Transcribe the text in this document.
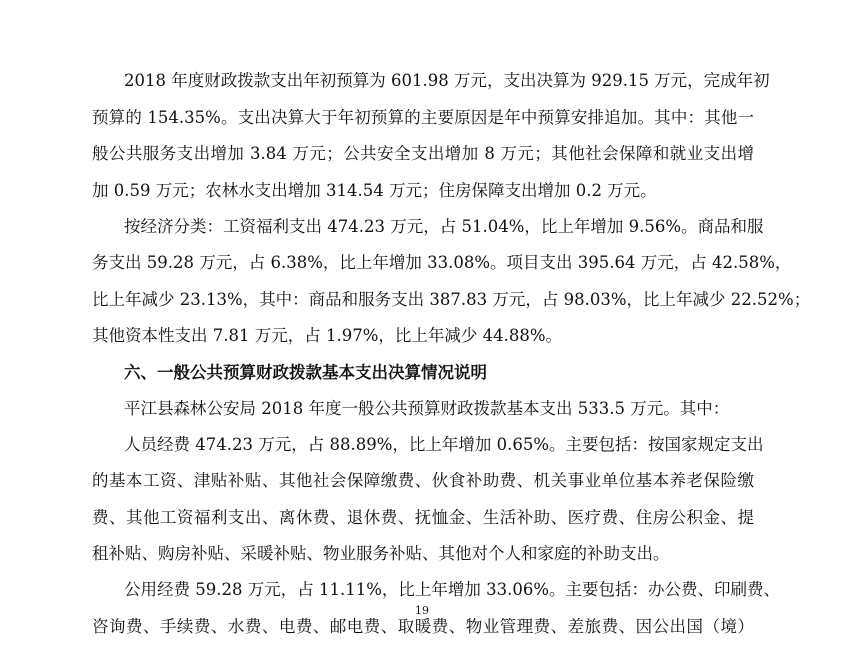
2018 年度财政拨款支出年初预算为 601.98 万元，支出决算为 929.15 万元，完成年初
预算的 154.35%。支出决算大于年初预算的主要原因是年中预算安排追加。其中：其他一
般公共服务支出增加 3.84 万元；公共安全支出增加 8 万元；其他社会保障和就业支出增
加 0.59 万元；农林水支出增加 314.54 万元；住房保障支出增加 0.2 万元。
按经济分类：工资福利支出 474.23 万元，占 51.04%，比上年增加 9.56%。商品和服
务支出 59.28 万元，占 6.38%，比上年增加 33.08%。项目支出 395.64 万元，占 42.58%，
比上年减少 23.13%，其中：商品和服务支出 387.83 万元，占 98.03%，比上年减少 22.52%；
其他资本性支出 7.81 万元，占 1.97%，比上年减少 44.88%。
六、一般公共预算财政拨款基本支出决算情况说明
平江县森林公安局 2018 年度一般公共预算财政拨款基本支出 533.5 万元。其中：
人员经费 474.23 万元，占 88.89%，比上年增加 0.65%。主要包括：按国家规定支出
的基本工资、津贴补贴、其他社会保障缴费、伙食补助费、机关事业单位基本养老保险缴
费、其他工资福利支出、离休费、退休费、抚恤金、生活补助、医疗费、住房公积金、提
租补贴、购房补贴、采暖补贴、物业服务补贴、其他对个人和家庭的补助支出。
公用经费 59.28 万元，占 11.11%，比上年增加 33.06%。主要包括：办公费、印刷费、
咨询费、手续费、水费、电费、邮电费、取暖费、物业管理费、差旅费、因公出国（境）
19
